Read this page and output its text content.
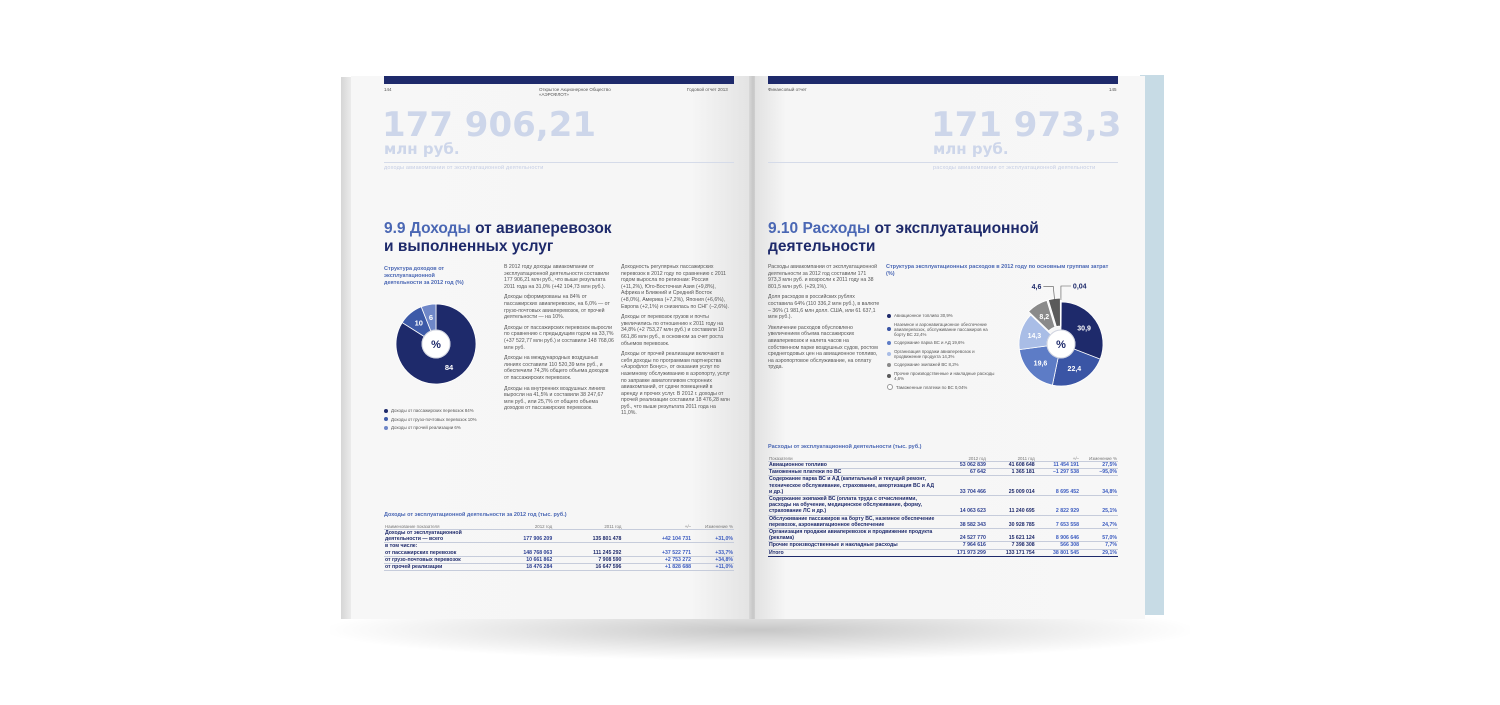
144	Открытое Акционерное Общество «АЭРОФЛОТ»
Годовой отчет 2013
177 906,21
млн руб.
доходы авиакомпании от эксплуатационной деятельности
9.9 Доходы от авиаперевозок
и выполненных услуг
Структура доходов от эксплуатационной деятельности за 2012 год (%)
84
10
6
%
Доходы от пассажирских перевозок 84%
Доходы от грузо-почтовых перевозок 10%
Доходы от прочей реализации 6%

В 2012 году доходы авиакомпании от эксплуатационной деятельности составили 177 906,21 млн руб., что выше результата 2011 года на 31,0% (+42 104,73 млн руб.).

Доходы оформированы на 84% от пассажирских авиаперевозок, на 6,0% — от грузо-почтовых авиаперевозок, от прочей деятельности — на 10%.

Доходы от пассажирских перевозок выросли по сравнению с предыдущим годом на 33,7% (+37 522,77 млн руб.) и составили 148 768,06 млн руб.

Доходы на международных воздушных линиях составили 110 520,39 млн руб., и обеспечили 74,3% общего объема доходов от пассажирских перевозок.

Доходы на внутренних воздушных линиях выросли на 41,5% и составили 38 247,67 млн руб., или 25,7% от общего объема доходов от пассажирских перевозок.

Доходность регулярных пассажирских перевозок в 2012 году по сравнению с 2011 годом выросла по регионам: Россия (+11,2%), Юго-Восточная Азия (+9,8%), Африка и Ближний и Средний Восток (+8,0%), Америка (+7,2%), Япония (+6,6%), Европа (+2,1%) и снизилась по СНГ (–2,6%).

Доходы от перевозок грузов и почты увеличились по отношению к 2011 году на 34,8% (+2 753,27 млн руб.) и составили 10 661,86 млн руб., в основном за счет роста объемов перевозок.

Доходы от прочей реализации включают в себя доходы по программам партнерства «Аэрофлот Бонус», от оказания услуг по наземному обслуживанию в аэропорту, услуг по заправке авиатопливом сторонних авиакомпаний, от сдачи помещений в аренду и прочих услуг. В 2012 г. доходы от прочей реализации составили 18 476,28 млн руб., что выше результата 2011 года на 11,0%.

Доходы от эксплуатационной деятельности за 2012 год (тыс. руб.)
Наименование показателя	2012 год	2011 год	+/–	Изменение %
Доходы от эксплуатационной деятельности — всего	177 906 209	135 801 478	+42 104 731	+31,0%
в том числе:				
от пассажирских перевозок	148 768 063	111 245 292	+37 522 771	+33,7%
от грузо-почтовых перевозок	10 661 862	7 908 590	+2 753 272	+34,8%
от прочей реализации	18 476 284	16 647 596	+1 828 688	+11,0%
Финансовый отчет	145
171 973,3
млн руб.
расходы авиакомпании от эксплуатационной деятельности
9.10 Расходы от эксплуатационной
деятельности

Расходы авиакомпании от эксплуатационной деятельности за 2012 год составили 171 973,3 млн руб. и возросли к 2011 году на 38 801,5 млн руб. (+29,1%).

Доля расходов в российских рублях составила 64% (110 336,2 млн руб.), в валюте – 36% (1 981,6 млн долл. США, или 61 637,1 млн руб.).

Увеличение расходов обусловлено увеличением объема пассажирских авиаперевозок и налета часов на собственном парке воздушных судов, ростом среднегодовых цен на авиационное топливо, на аэропортовое обслуживание, на оплату труда.

Структура эксплуатационных расходов в 2012 году по основным группам затрат (%)
Авиационное топливо 30,9%
Наземное и аэронавигационное обеспечение авиаперевозок, обслуживание пассажиров на борту ВС 22,4%
Содержание парка ВС и АД 19,6%
Организация продажи авиаперевозок и продвижение продукта 14,3%
Содержание экипажей ВС 8,2%
Прочие производственные и накладные расходы 4,6%
Таможенные платежи по ВС 0,04%
30,9
22,4
19,6
14,3
8,2
%
4,6	0,04
Расходы от эксплуатационной деятельности (тыс. руб.)
Показатели	2012 год	2011 год	+/–	Изменение %
Авиационное топливо	53 062 839	41 608 648	11 454 191	27,5%
Таможенные платежи по ВС	67 642	1 365 181	–1 297 538	–95,0%
Содержание парка ВС и АД (капитальный и текущий ремонт, техническое обслуживание, страхование, амортизация ВС и АД и др.)	33 704 466	25 009 014	8 695 452	34,8%
Содержание экипажей ВС (оплата труда с отчислениями, расходы на обучение, медицинское обслуживание, форму, страхование ЛС и др.)	14 063 623	11 240 695	2 822 929	25,1%
Обслуживание пассажиров на борту ВС, наземное обеспечение перевозок, аэронавигационное обеспечение	38 582 343	30 928 785	7 653 558	24,7%
Организация продажи авиаперевозок и продвижение продукта (реклама)	24 527 770	15 621 124	8 906 646	57,0%
Прочие производственные и накладные расходы	7 964 616	7 398 308	566 308	7,7%
Итого	171 973 299	133 171 754	38 801 545	29,1%
